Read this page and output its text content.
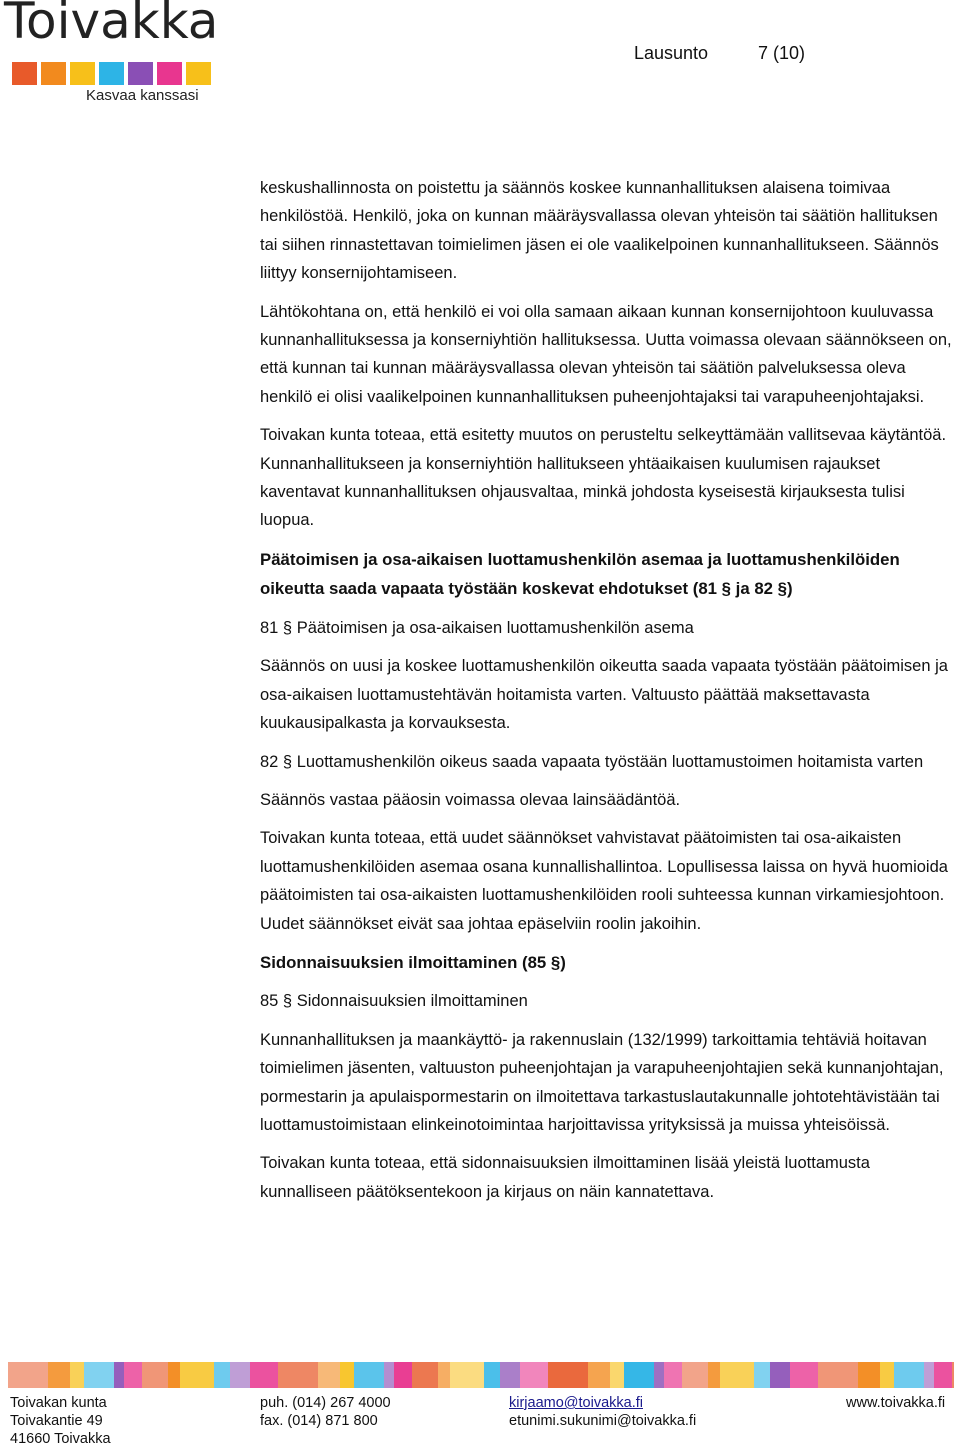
Toivakka
Kasvaa kanssasi
Lausunto	7 (10)

keskushallinnosta on poistettu ja säännös koskee kunnanhallituksen alaisena toimivaa henkilöstöä. Henkilö, joka on kunnan määräysvallassa olevan yhteisön tai säätiön hallituksen tai siihen rinnastettavan toimielimen jäsen ei ole vaalikelpoinen kunnanhallitukseen. Säännös liittyy konsernijohtamiseen.

Lähtökohtana on, että henkilö ei voi olla samaan aikaan kunnan konsernijohtoon kuuluvassa kunnanhallituksessa ja konserniyhtiön hallituksessa. Uutta voimassa olevaan säännökseen on, että kunnan tai kunnan määräysvallassa olevan yhteisön tai säätiön palveluksessa oleva henkilö ei olisi vaalikelpoinen kunnanhallituksen puheenjohtajaksi tai varapuheenjohtajaksi.

Toivakan kunta toteaa, että esitetty muutos on perusteltu selkeyttämään vallitsevaa käytäntöä. Kunnanhallitukseen ja konserniyhtiön hallitukseen yhtäaikaisen kuulumisen rajaukset kaventavat kunnanhallituksen ohjausvaltaa, minkä johdosta kyseisestä kirjauksesta tulisi luopua.

Päätoimisen ja osa-aikaisen luottamushenkilön asemaa ja luottamushenkilöiden oikeutta saada vapaata työstään koskevat ehdotukset (81 § ja 82 §)

81 § Päätoimisen ja osa-aikaisen luottamushenkilön asema

Säännös on uusi ja koskee luottamushenkilön oikeutta saada vapaata työstään päätoimisen ja osa-aikaisen luottamustehtävän hoitamista varten. Valtuusto päättää maksettavasta kuukausipalkasta ja korvauksesta.

82 § Luottamushenkilön oikeus saada vapaata työstään luottamustoimen hoitamista varten

Säännös vastaa pääosin voimassa olevaa lainsäädäntöä.

Toivakan kunta toteaa, että uudet säännökset vahvistavat päätoimisten tai osa-aikaisten luottamushenkilöiden asemaa osana kunnallishallintoa. Lopullisessa laissa on hyvä huomioida päätoimisten tai osa-aikaisten luottamushenkilöiden rooli suhteessa kunnan virkamiesjohtoon. Uudet säännökset eivät saa johtaa epäselviin roolin jakoihin.

Sidonnaisuuksien ilmoittaminen (85 §)

85 § Sidonnaisuuksien ilmoittaminen

Kunnanhallituksen ja maankäyttö- ja rakennuslain (132/1999) tarkoittamia tehtäviä hoitavan toimielimen jäsenten, valtuuston puheenjohtajan ja varapuheenjohtajien sekä kunnanjohtajan, pormestarin ja apulaispormestarin on ilmoitettava tarkastuslautakunnalle johtotehtävistään tai luottamustoimistaan elinkeinotoimintaa harjoittavissa yrityksissä ja muissa yhteisöissä.

Toivakan kunta toteaa, että sidonnaisuuksien ilmoittaminen lisää yleistä luottamusta kunnalliseen päätöksentekoon ja kirjaus on näin kannatettava.

Toivakan kunta
Toivakantie 49
41660 Toivakka
puh. (014) 267 4000
fax. (014) 871 800
kirjaamo@toivakka.fi
etunimi.sukunimi@toivakka.fi
www.toivakka.fi
